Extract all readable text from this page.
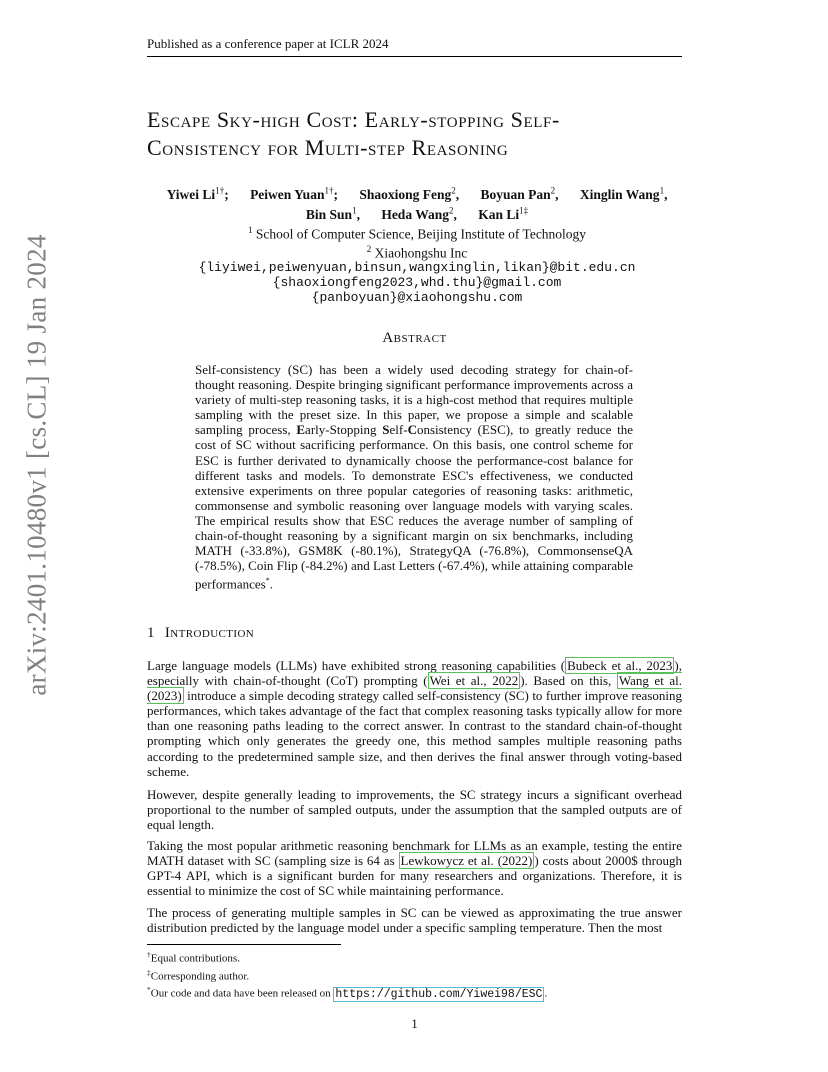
Published as a conference paper at ICLR 2024
arXiv:2401.10480v1 [cs.CL] 19 Jan 2024
Escape Sky-high Cost: Early-stopping Self-
Consistency for Multi-step Reasoning
Yiwei $Li^{1\dagger}$; Peiwen Yuan$^{1\dagger}$; Shaoxiong Feng$^2$, Boyuan Pan$^2$, Xinglin Wang$^1$,
Bin Sun$^1$, Heda Wang$^2$, Kan $Li^{1\ddagger}$
$^1$ School of Computer Science, Beijing Institute of Technology
$^2$ Xiaohongshu Inc
{liyiwei,peiwenyuan,binsun,wangxinglin,likan}@bit.edu.cn
{shaoxiongfeng2023,whd.thu}@gmail.com
{panboyuan}@xiaohongshu.com
Abstract

Self-consistency (SC) has been a widely used decoding strategy for chain-of-thought reasoning. Despite bringing significant performance improvements across a variety of multi-step reasoning tasks, it is a high-cost method that requires multiple sampling with the preset size. In this paper, we propose a simple and scalable sampling process, Early-Stopping Self-Consistency (ESC), to greatly reduce the cost of SC without sacrificing performance. On this basis, one control scheme for ESC is further derivated to dynamically choose the performance-cost balance for different tasks and models. To demonstrate ESC's effectiveness, we conducted extensive experiments on three popular categories of reasoning tasks: arithmetic, commonsense and symbolic reasoning over language models with varying scales. The empirical results show that ESC reduces the average number of sampling of chain-of-thought reasoning by a significant margin on six benchmarks, including MATH (-33.8%), GSM8K (-80.1%), StrategyQA (-76.8%), CommonsenseQA (-78.5%), Coin Flip (-84.2%) and Last Letters (-67.4%), while attaining comparable performances*.

1 Introduction

Large language models (LLMs) have exhibited strong reasoning capabilities ( Bubeck et al., 2023 ), especially with chain-of-thought (CoT) prompting ( Wei et al., 2022 ). Based on this, Wang et al. (2023) introduce a simple decoding strategy called self-consistency (SC) to further improve reasoning performances, which takes advantage of the fact that complex reasoning tasks typically allow for more than one reasoning paths leading to the correct answer. In contrast to the standard chain-of-thought prompting which only generates the greedy one, this method samples multiple reasoning paths according to the predetermined sample size, and then derives the final answer through voting-based scheme.

However, despite generally leading to improvements, the SC strategy incurs a significant overhead proportional to the number of sampled outputs, under the assumption that the sampled outputs are of equal length.

Taking the most popular arithmetic reasoning benchmark for LLMs as an example, testing the entire MATH dataset with SC (sampling size is 64 as Lewkowycz et al. (2022) ) costs about 2000$ through GPT-4 API, which is a significant burden for many researchers and organizations. Therefore, it is essential to minimize the cost of SC while maintaining performance.

The process of generating multiple samples in SC can be viewed as approximating the true answer distribution predicted by the language model under a specific sampling temperature. Then the most

†Equal contributions.
‡Corresponding author.
*Our code and data have been released on https://github.com/Yiwei98/ESC .
1
